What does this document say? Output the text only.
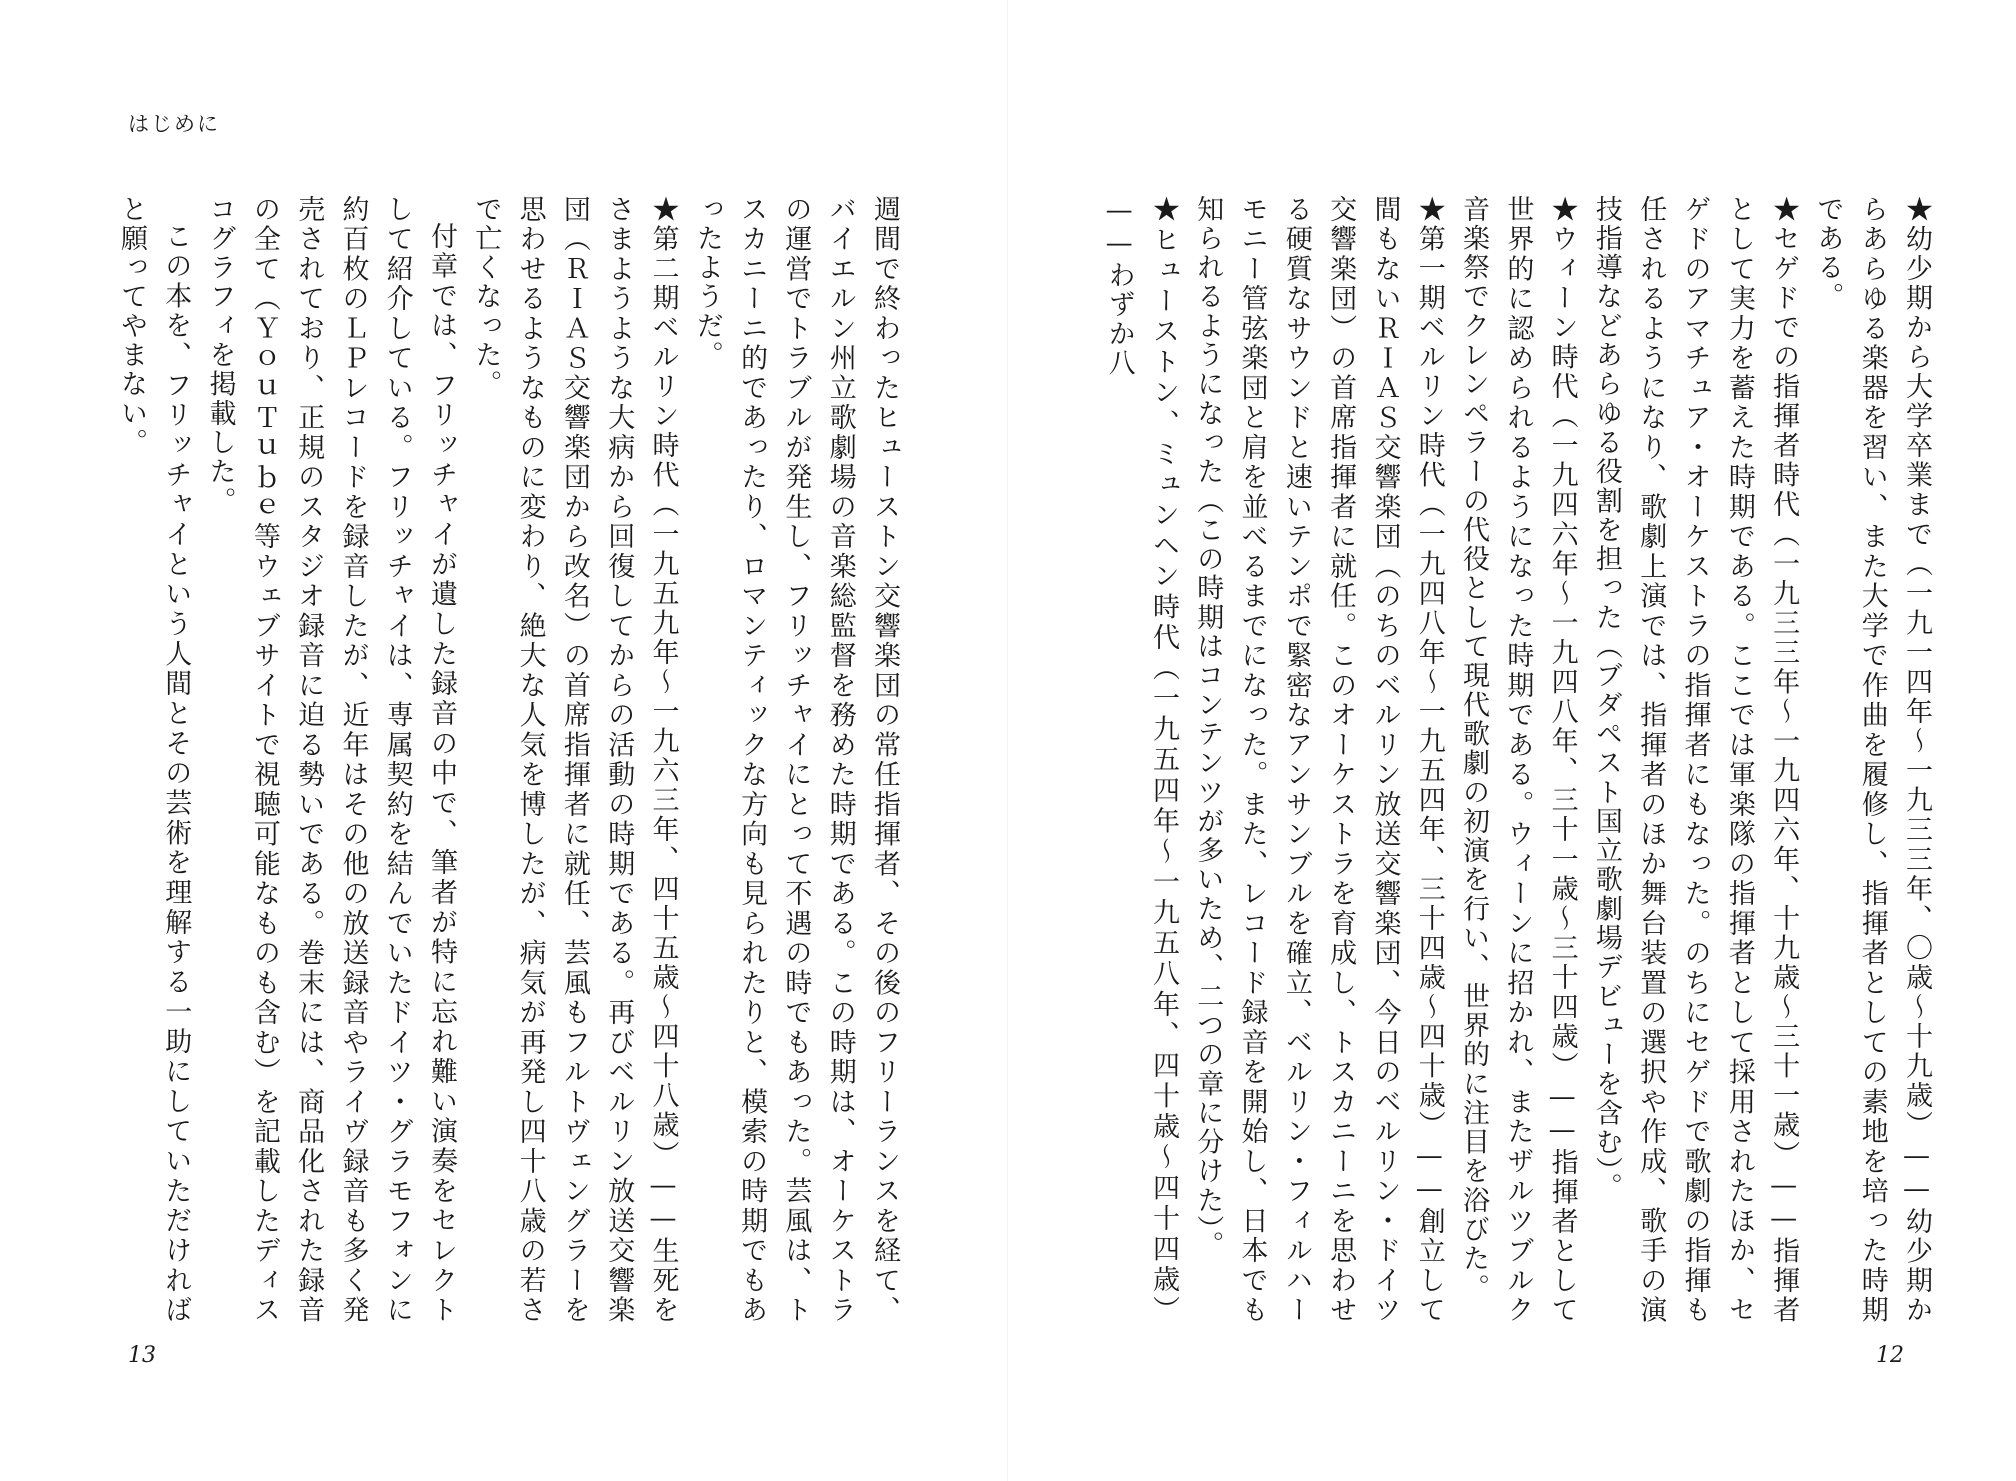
はじめに

週間で終わったヒューストン交響楽団の常任指揮者、その後のフリーランスを経て、バイエルン州立歌劇場の音楽総監督を務めた時期である。この時期は、オーケストラの運営でトラブルが発生し、フリッチャイにとって不遇の時でもあった。芸風は、トスカニーニ的であったり、ロマンティックな方向も見られたりと、模索の時期でもあったようだ。

★第二期ベルリン時代（一九五九年～一九六三年、四十五歳～四十八歳）——生死をさまようような大病から回復してからの活動の時期である。再びベルリン放送交響楽団（ＲＩＡＳ交響楽団から改名）の首席指揮者に就任、芸風もフルトヴェングラーを思わせるようなものに変わり、絶大な人気を博したが、病気が再発し四十八歳の若さで亡くなった。

付章では、フリッチャイが遺した録音の中で、筆者が特に忘れ難い演奏をセレクトして紹介している。フリッチャイは、専属契約を結んでいたドイツ・グラモフォンに約百枚のＬＰレコードを録音したが、近年はその他の放送録音やライヴ録音も多く発売されており、正規のスタジオ録音に迫る勢いである。巻末には、商品化された録音の全て（ＹｏｕＴｕｂｅ等ウェブサイトで視聴可能なものも含む）を記載したディスコグラフィを掲載した。

この本を、フリッチャイという人間とその芸術を理解する一助にしていただければと願ってやまない。

13

★幼少期から大学卒業まで（一九一四年～一九三三年、〇歳～十九歳）——幼少期からあらゆる楽器を習い、また大学で作曲を履修し、指揮者としての素地を培った時期である。

★セゲドでの指揮者時代（一九三三年～一九四六年、十九歳～三十一歳）——指揮者として実力を蓄えた時期である。ここでは軍楽隊の指揮者として採用されたほか、セゲドのアマチュア・オーケストラの指揮者にもなった。のちにセゲドで歌劇の指揮も任されるようになり、歌劇上演では、指揮者のほか舞台装置の選択や作成、歌手の演技指導などあらゆる役割を担った（ブダペスト国立歌劇場デビューを含む）。

★ウィーン時代（一九四六年～一九四八年、三十一歳～三十四歳）——指揮者として世界的に認められるようになった時期である。ウィーンに招かれ、またザルツブルク音楽祭でクレンペラーの代役として現代歌劇の初演を行い、世界的に注目を浴びた。

★第一期ベルリン時代（一九四八年～一九五四年、三十四歳～四十歳）——創立して間もないＲＩＡＳ交響楽団（のちのベルリン放送交響楽団、今日のベルリン・ドイツ交響楽団）の首席指揮者に就任。このオーケストラを育成し、トスカニーニを思わせる硬質なサウンドと速いテンポで緊密なアンサンブルを確立、ベルリン・フィルハーモニー管弦楽団と肩を並べるまでになった。また、レコード録音を開始し、日本でも知られるようになった（この時期はコンテンツが多いため、二つの章に分けた）。

★ヒューストン、ミュンヘン時代（一九五四年～一九五八年、四十歳～四十四歳）——わずか八

12
